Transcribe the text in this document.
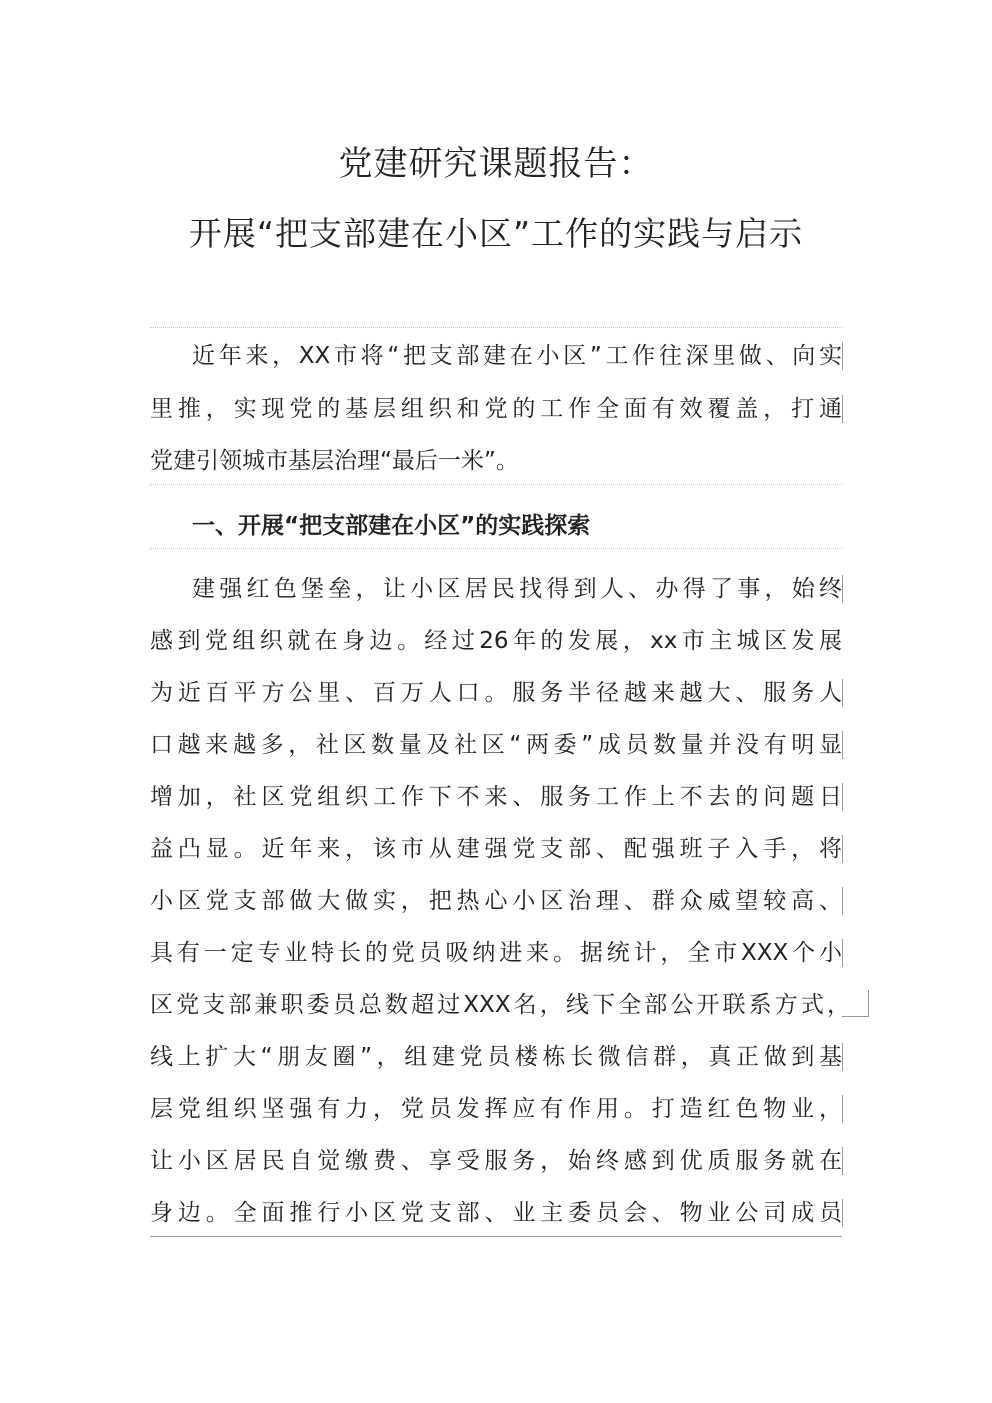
党建研究课题报告：
开展“把支部建在小区”工作的实践与启示
近年来，XX市将“把支部建在小区”工作往深里做、向实
里推，实现党的基层组织和党的工作全面有效覆盖，打通
党建引领城市基层治理“最后一米”。
一、开展“把支部建在小区”的实践探索
建强红色堡垒，让小区居民找得到人、办得了事，始终
感到党组织就在身边。经过26年的发展，xx市主城区发展
为近百平方公里、百万人口。服务半径越来越大、服务人
口越来越多，社区数量及社区“两委”成员数量并没有明显
增加，社区党组织工作下不来、服务工作上不去的问题日
益凸显。近年来，该市从建强党支部、配强班子入手，将
小区党支部做大做实，把热心小区治理、群众威望较高、
具有一定专业特长的党员吸纳进来。据统计，全市XXX个小
区党支部兼职委员总数超过XXX名，线下全部公开联系方式，
线上扩大“朋友圈”，组建党员楼栋长微信群，真正做到基
层党组织坚强有力，党员发挥应有作用。打造红色物业，
让小区居民自觉缴费、享受服务，始终感到优质服务就在
身边。全面推行小区党支部、业主委员会、物业公司成员
